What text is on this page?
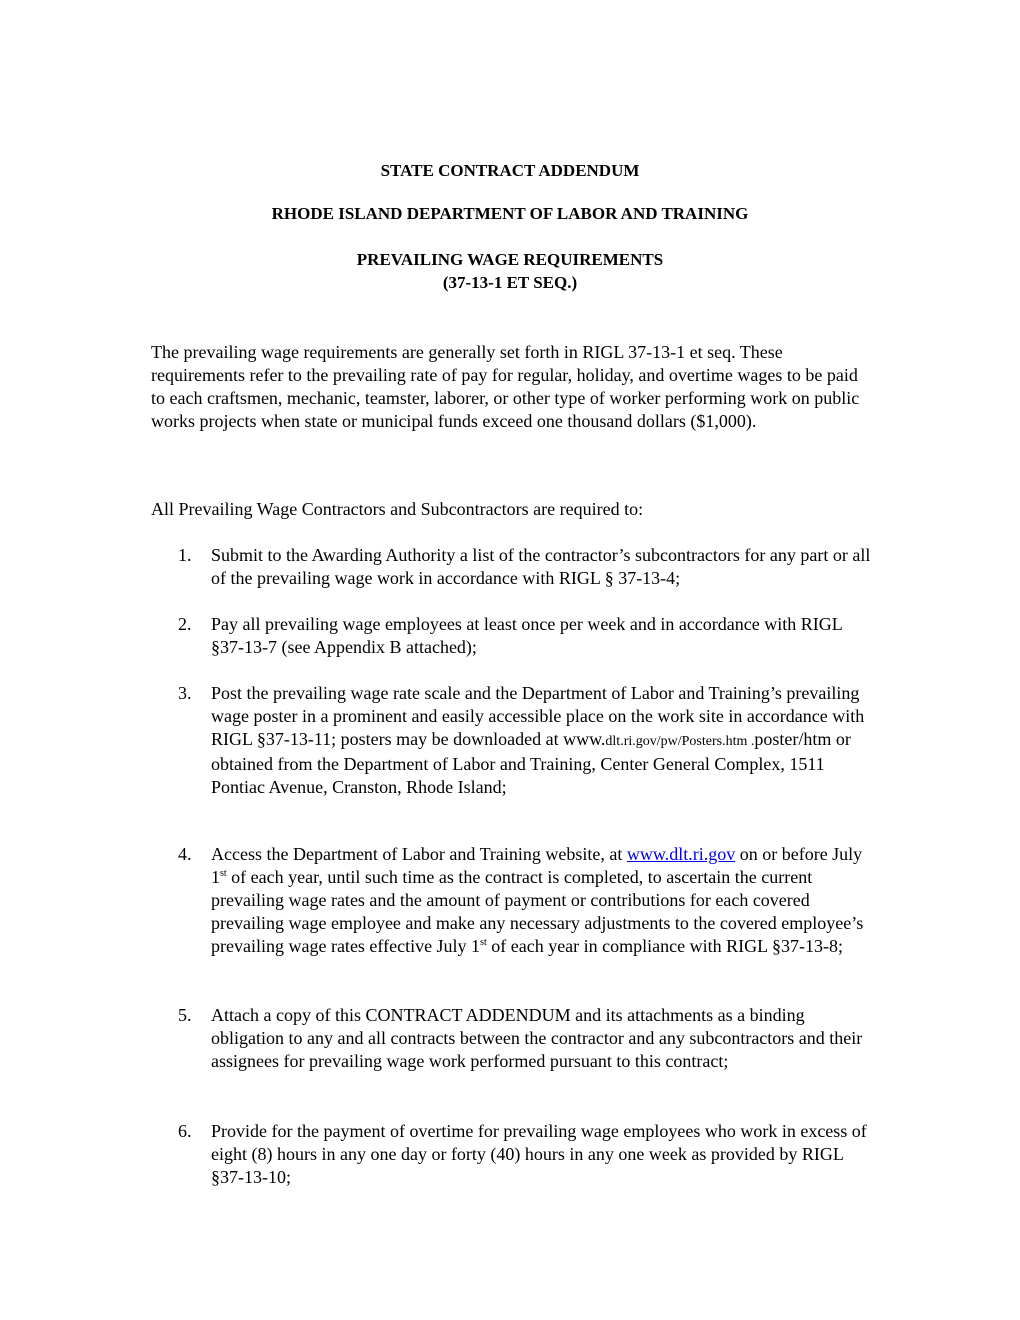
STATE CONTRACT ADDENDUM

RHODE ISLAND DEPARTMENT OF LABOR AND TRAINING

PREVAILING WAGE REQUIREMENTS

(37-13-1 ET SEQ.)

The prevailing wage requirements are generally set forth in RIGL 37-13-1 et seq. These requirements refer to the prevailing rate of pay for regular, holiday, and overtime wages to be paid to each craftsmen, mechanic, teamster, laborer, or other type of worker performing work on public works projects when state or municipal funds exceed one thousand dollars ($1,000).

All Prevailing Wage Contractors and Subcontractors are required to:

1.	Submit to the Awarding Authority a list of the contractor’s subcontractors for any part or all of the prevailing wage work in accordance with RIGL § 37-13-4;
2.	Pay all prevailing wage employees at least once per week and in accordance with RIGL §37-13-7 (see Appendix B attached);
3.	Post the prevailing wage rate scale and the Department of Labor and Training’s prevailing wage poster in a prominent and easily accessible place on the work site in accordance with RIGL §37-13-11; posters may be downloaded at www.dlt.ri.gov/pw/Posters.htm .poster/htm or obtained from the Department of Labor and Training, Center General Complex, 1511 Pontiac Avenue, Cranston, Rhode Island;
4.	Access the Department of Labor and Training website, at www.dlt.ri.gov on or before July 1st of each year, until such time as the contract is completed, to ascertain the current prevailing wage rates and the amount of payment or contributions for each covered prevailing wage employee and make any necessary adjustments to the covered employee’s prevailing wage rates effective July 1st of each year in compliance with RIGL §37-13-8;
5.	Attach a copy of this CONTRACT ADDENDUM and its attachments as a binding obligation to any and all contracts between the contractor and any subcontractors and their assignees for prevailing wage work performed pursuant to this contract;
6.	Provide for the payment of overtime for prevailing wage employees who work in excess of eight (8) hours in any one day or forty (40) hours in any one week as provided by RIGL §37-13-10;
